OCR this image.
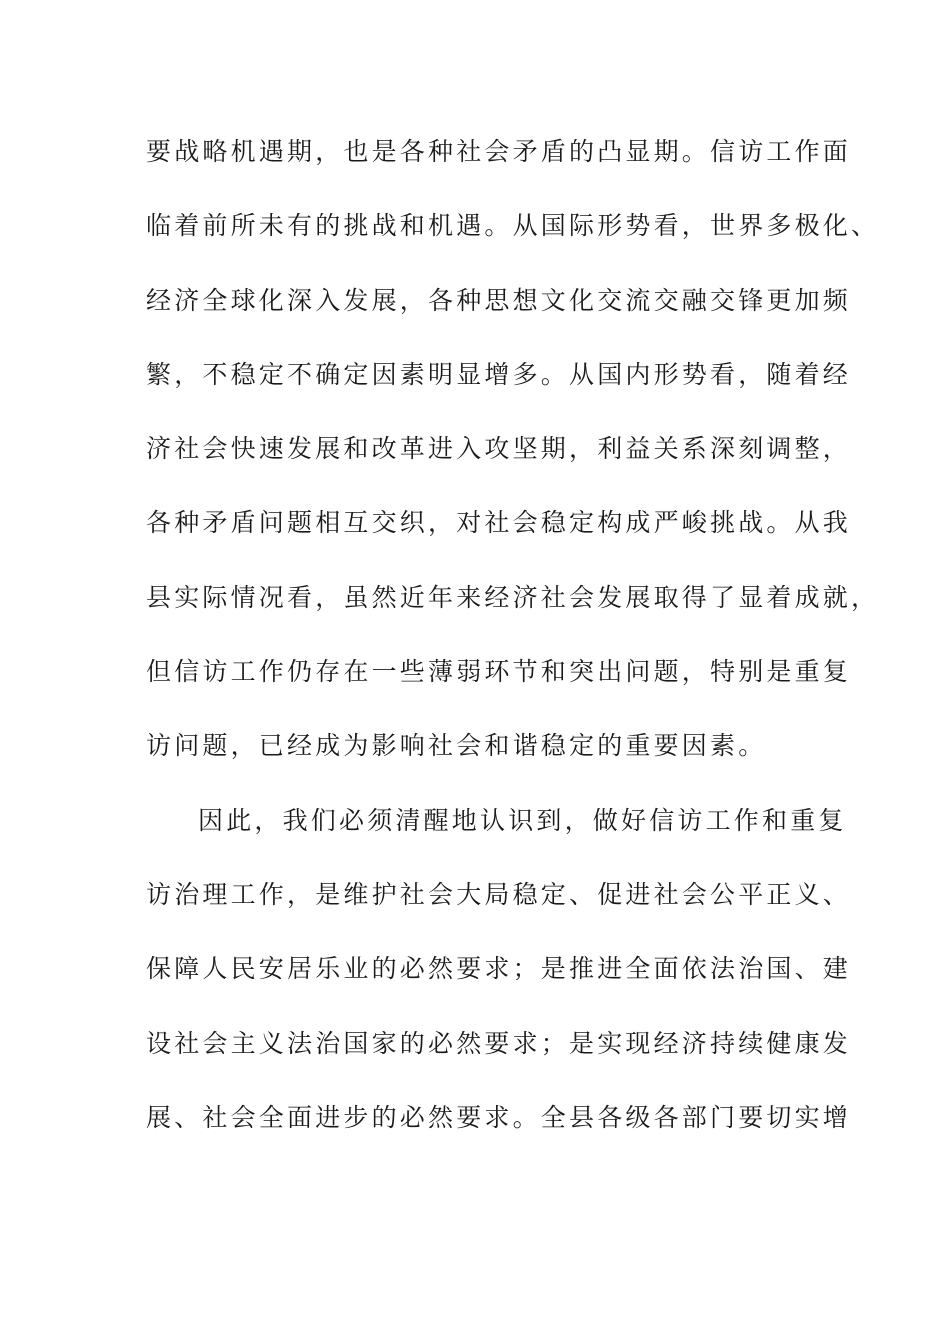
要战略机遇期，也是各种社会矛盾的凸显期。信访工作面
临着前所未有的挑战和机遇。从国际形势看，世界多极化、
经济全球化深入发展，各种思想文化交流交融交锋更加频
繁，不稳定不确定因素明显增多。从国内形势看，随着经
济社会快速发展和改革进入攻坚期，利益关系深刻调整，
各种矛盾问题相互交织，对社会稳定构成严峻挑战。从我
县实际情况看，虽然近年来经济社会发展取得了显着成就，
但信访工作仍存在一些薄弱环节和突出问题，特别是重复
访问题，已经成为影响社会和谐稳定的重要因素。
因此，我们必须清醒地认识到，做好信访工作和重复
访治理工作，是维护社会大局稳定、促进社会公平正义、
保障人民安居乐业的必然要求；是推进全面依法治国、建
设社会主义法治国家的必然要求；是实现经济持续健康发
展、社会全面进步的必然要求。全县各级各部门要切实增
